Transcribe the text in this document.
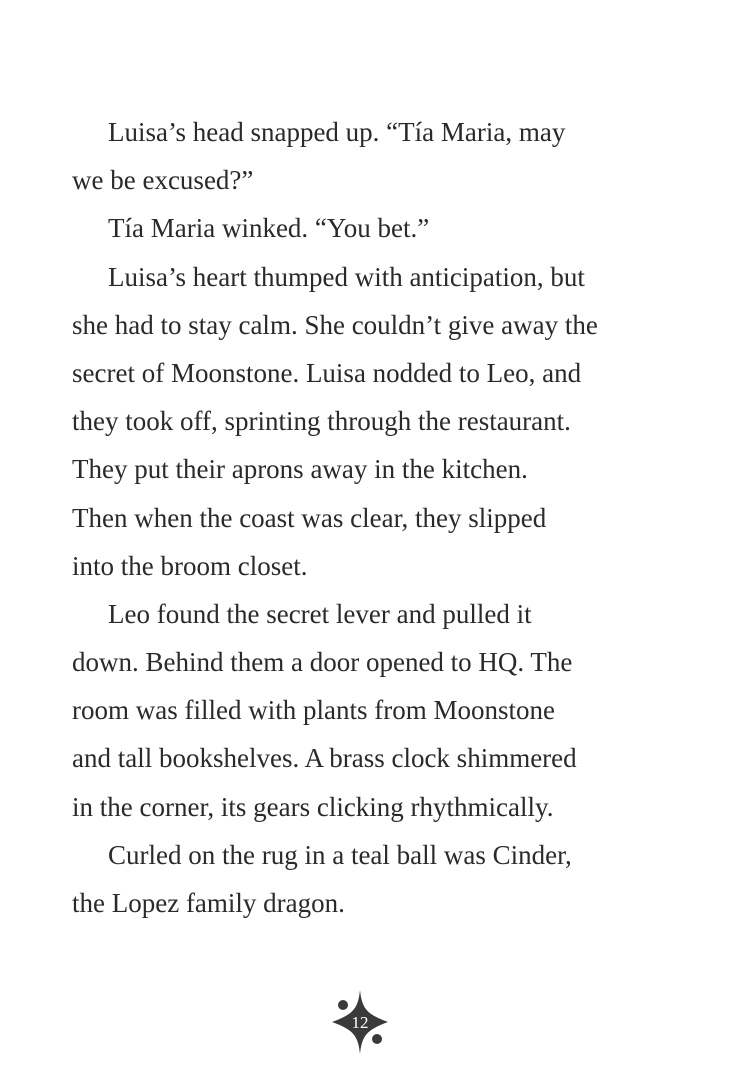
Luisa’s head snapped up. “Tía Maria, may
we be excused?”
Tía Maria winked. “You bet.”
Luisa’s heart thumped with anticipation, but
she had to stay calm. She couldn’t give away the
secret of Moonstone. Luisa nodded to Leo, and
they took off, sprinting through the restaurant.
They put their aprons away in the kitchen.
Then when the coast was clear, they slipped
into the broom closet.
Leo found the secret lever and pulled it
down. Behind them a door opened to HQ. The
room was filled with plants from Moonstone
and tall bookshelves. A brass clock shimmered
in the corner, its gears clicking rhythmically.
Curled on the rug in a teal ball was Cinder,
the Lopez family dragon.
12
